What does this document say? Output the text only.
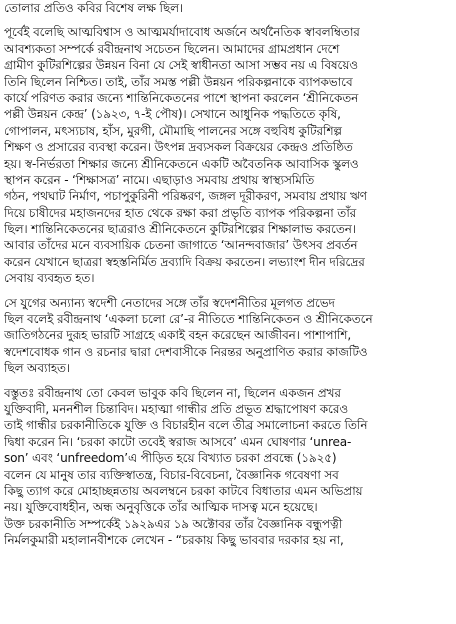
তোলার প্রতিও কবির বিশেষ লক্ষ ছিল।
পূর্বেই বলেছি আত্মবিশ্বাস ও আত্মমর্যাদাবোধ অর্জনে অর্থনৈতিক স্বাবলম্বিতার
আবশ্যকতা সম্পর্কে রবীন্দ্রনাথ সচেতন ছিলেন। আমাদের গ্রামপ্রধান দেশে
গ্রামীণ কুটিরশিল্পের উন্নয়ন বিনা যে সেই স্বাধীনতা আসা সম্ভব নয় এ বিষয়েও
তিনি ছিলেন নিশ্চিত। তাই, তাঁর সমস্ত পল্লী উন্নয়ন পরিকল্পনাকে ব্যাপকভাবে
কার্যে পরিণত করার জন্যে শান্তিনিকেতনের পাশে স্থাপনা করলেন ‘শ্রীনিকেতন
পল্লী উন্নয়ন কেন্দ্র’ (১৯২৩, ৭-ই পৌষ)। সেখানে আধুনিক পদ্ধতিতে কৃষি,
গোপালন, মৎস্যচাষ, হাঁস, মুরগী, মৌমাছি পালনের সঙ্গে বহুবিধ কুটিরশিল্প
শিক্ষণ ও প্রসারের ব্যবস্থা করেন। উৎপন্ন দ্রব্যসকল বিক্রয়ের কেন্দ্রও প্রতিষ্ঠিত
হয়। স্ব-নির্ভরতা শিক্ষার জন্যে শ্রীনিকেতনে একটি অবৈতনিক আবাসিক স্কুলও
স্থাপন করেন - ‘শিক্ষাসত্র’ নামে। এছাড়াও সমবায় প্রথায় স্বাস্থ্যসমিতি
গঠন, পথঘাট নির্মাণ, পচাপুকুরিনী পরিষ্করণ, জঙ্গল দূরীকরণ, সমবায় প্রথায় ঋণ
দিয়ে চাষীদের মহাজনদের হাত থেকে রক্ষা করা প্রভৃতি ব্যাপক পরিকল্পনা তাঁর
ছিল। শান্তিনিকেতনের ছাত্ররাও শ্রীনিকেতনে কুটিরশিল্পের শিক্ষালাভ করতেন।
আবার তাঁদের মনে ব্যবসায়িক চেতনা জাগাতে ‘আনন্দবাজার’ উৎসব প্রবর্তন
করেন যেখানে ছাত্ররা স্বহস্তনির্মিত দ্রব্যাদি বিক্রয় করতেন। লভ্যাংশ দীন দরিদ্রের
সেবায় ব্যবহৃত হত।
সে যুগের অন্যান্য স্বদেশী নেতাদের সঙ্গে তাঁর স্বদেশনীতির মূলগত প্রভেদ
ছিল বলেই রবীন্দ্রনাথ ‘একলা চলো রে’-র নীতিতে শান্তিনিকেতন ও শ্রীনিকেতনে
জাতিগঠনের দুরূহ ভারটি সাগ্রহে একাই বহন করেছেন আজীবন। পাশাপাশি,
স্বদেশবোধক গান ও রচনার দ্বারা দেশবাসীকে নিরন্তর অনুপ্রাণিত করার কাজটিও
ছিল অব্যাহত।
বস্তুতঃ রবীন্দ্রনাথ তো কেবল ভাবুক কবি ছিলেন না, ছিলেন একজন প্রখর
যুক্তিবাদী, মননশীল চিন্তাবিদ। মহাত্মা গান্ধীর প্রতি প্রভূত শ্রদ্ধাপোষণ করেও
তাই গান্ধীর চরকানীতিকে যুক্তি ও বিচারহীন বলে তীব্র সমালোচনা করতে তিনি
দ্বিধা করেন নি। ‘চরকা কাটো তবেই স্বরাজ আসবে’ এমন ঘোষণার ‘unrea-
son’ এবং ‘unfreedom’এ পীড়িত হয়ে বিখ্যাত চরকা প্রবন্ধে (১৯২৫)
বলেন যে মানুষ তার ব্যক্তিস্বাতন্ত্র, বিচার-বিবেচনা, বৈজ্ঞানিক গবেষণা সব
কিছু ত্যাগ করে মোহাচ্ছন্নতায় অবলম্বনে চরকা কাটবে বিধাতার এমন অভিপ্রায়
নয়। যুক্তিবোধহীন, অন্ধ অনুবৃত্তিকে তাঁর আত্মিক দাসত্ব মনে হয়েছে।
উক্ত চরকানীতি সম্পর্কেই ১৯২৯এর ১৯ অক্টোবর তাঁর বৈজ্ঞানিক বন্ধুপত্নী
নির্মলকুমারী মহালানবীশকে লেখেন - “চরকায় কিছু ভাববার দরকার হয় না,
